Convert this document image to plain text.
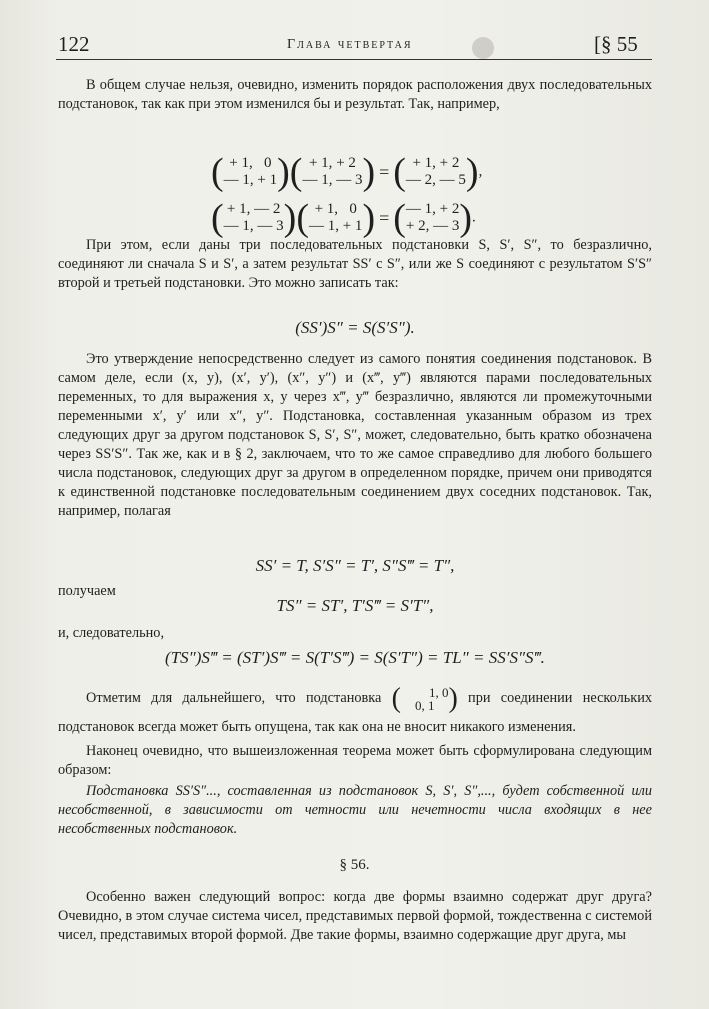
122	Глава четвертая	[§ 55
В общем случае нельзя, очевидно, изменить порядок расположения двух последовательных подстановок, так как при этом изменился бы и результат. Так, например,

( + 1, 0
— 1, + 1)( + 1, + 2
— 1, — 3) = ( + 1, + 2
— 2, — 5),

( + 1, — 2
— 1, — 3)( + 1, 0
— 1, + 1) = (— 1, + 2
+ 2, — 3).

При этом, если даны три последовательных подстановки S, S′, S″, то безразлично, соединяют ли сначала S и S′, а затем результат SS′ с S″, или же S соединяют с результатом S′S″ второй и третьей подстановки. Это можно записать так:
(SS′)S″ = S(S′S″).
Это утверждение непосредственно следует из самого понятия соединения подстановок. В самом деле, если (x, y), (x′, y′), (x″, y″) и (x‴, y‴) являются парами последовательных переменных, то для выражения x, y через x‴, y‴ безразлично, являются ли промежуточными переменными x′, y′ или x″, y″. Подстановка, составленная указанным образом из трех следующих друг за другом подстановок S, S′, S″, может, следовательно, быть кратко обозначена через SS′S″. Так же, как и в § 2, заключаем, что то же самое справедливо для любого большего числа подстановок, следующих друг за другом в определенном порядке, причем они приводятся к единственной подстановке последовательным соединением двух соседних подстановок. Так, например, полагая
SS′ = T, S′S″ = T′, S″S‴ = T″,
получаем
TS″ = ST′, T′S‴ = S′T″,
и, следовательно,
(TS″)S‴ = (ST′)S‴ = S(T′S‴) = S(S′T″) = TL″ = SS′S″S‴.
Отметим для дальнейшего, что подстановка ( 1, 0
0, 1 ) при соединении нескольких подстановок всегда может быть опущена, так как она не вносит никакого изменения.
Наконец очевидно, что вышеизложенная теорема может быть сформулирована следующим образом:
Подстановка SS′S″..., составленная из подстановок S, S′, S″,..., будет собственной или несобственной, в зависимости от четности или нечетности числа входящих в нее несобственных подстановок.
§ 56.
Особенно важен следующий вопрос: когда две формы взаимно содержат друг друга? Очевидно, в этом случае система чисел, представимых первой формой, тождественна с системой чисел, представимых второй формой. Две такие формы, взаимно содержащие друг друга, мы
